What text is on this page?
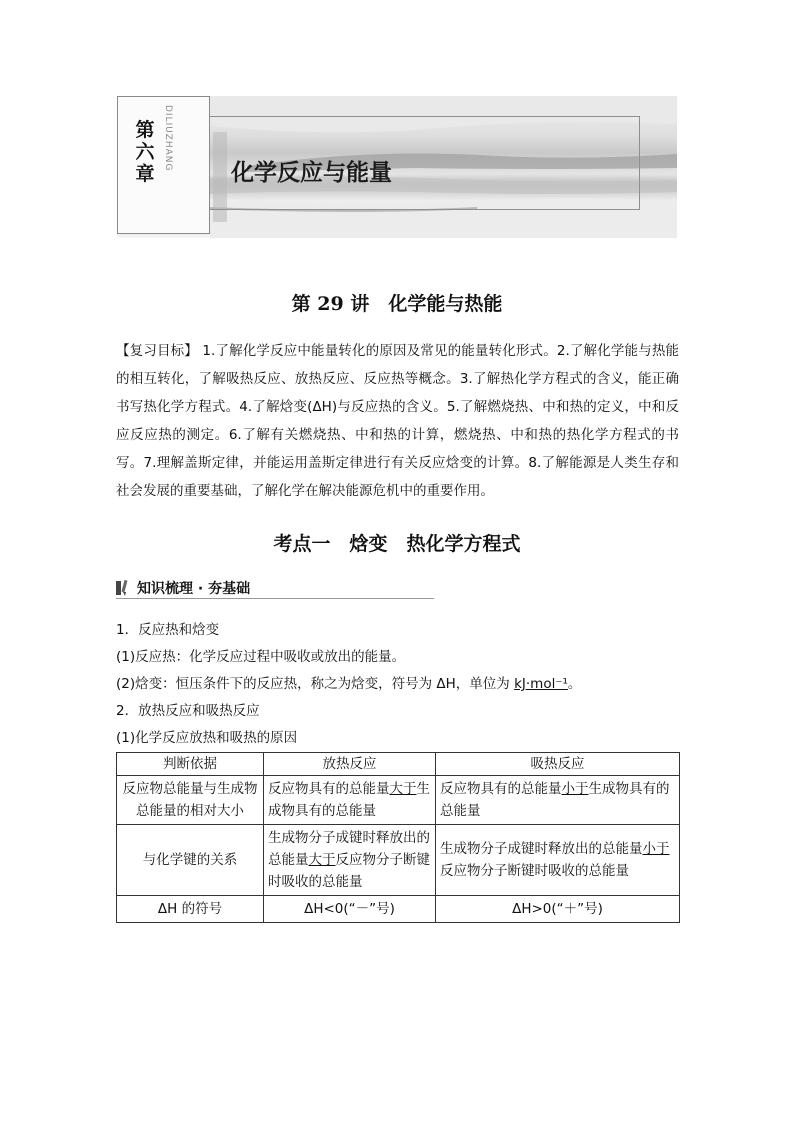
第六章
DILIUZHANG
化学反应与能量
第 29 讲　化学能与热能
【复习目标】 1.了解化学反应中能量转化的原因及常见的能量转化形式。2.了解化学能与热能的相互转化，了解吸热反应、放热反应、反应热等概念。3.了解热化学方程式的含义，能正确书写热化学方程式。4.了解焓变(ΔH)与反应热的含义。5.了解燃烧热、中和热的定义，中和反应反应热的测定。6.了解有关燃烧热、中和热的计算，燃烧热、中和热的热化学方程式的书写。7.理解盖斯定律，并能运用盖斯定律进行有关反应焓变的计算。8.了解能源是人类生存和社会发展的重要基础，了解化学在解决能源危机中的重要作用。
考点一　焓变　热化学方程式
知识梳理 · 夯基础
1．反应热和焓变
(1)反应热：化学反应过程中吸收或放出的能量。
(2)焓变：恒压条件下的反应热，称之为焓变，符号为 ΔH，单位为 kJ·mol⁻¹。
2．放热反应和吸热反应
判断依据	放热反应	吸热反应
反应物总能量与生成物总能量的相对大小	反应物具有的总能量大于生成物具有的总能量	反应物具有的总能量小于生成物具有的总能量
与化学键的关系	生成物分子成键时释放出的总能量大于反应物分子断键时吸收的总能量	生成物分子成键时释放出的总能量小于反应物分子断键时吸收的总能量
ΔH 的符号	ΔH<0(“－”号)	ΔH>0(“＋”号)
(1)化学反应放热和吸热的原因
